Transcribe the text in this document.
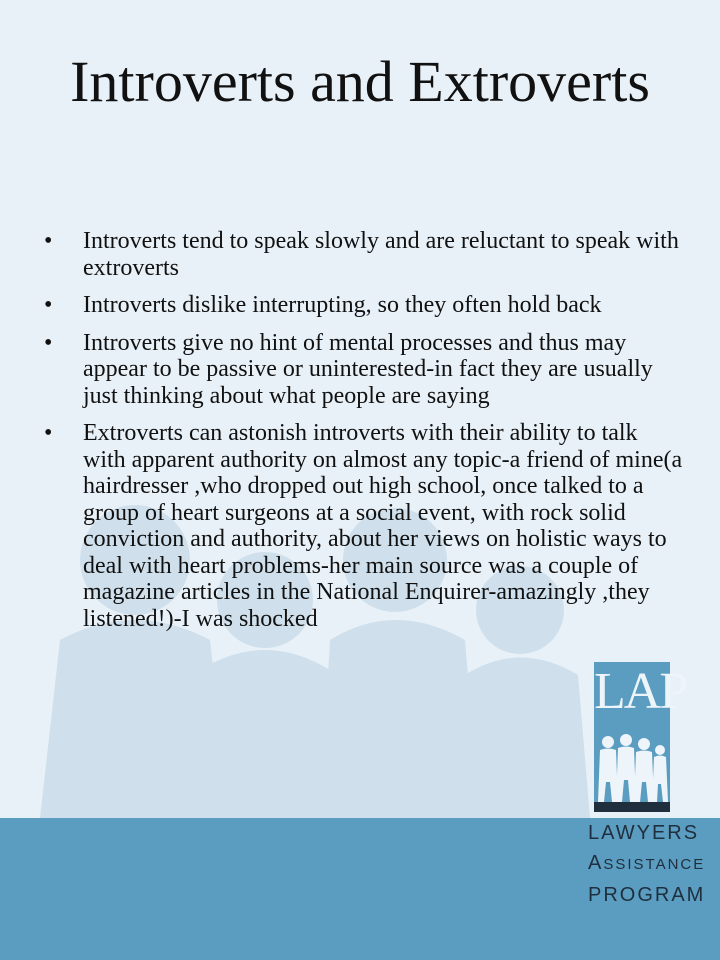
Introverts and Extroverts
• Introverts tend to speak slowly and are reluctant to speak with extroverts
• Introverts dislike interrupting, so they often hold back
• Introverts give no hint of mental processes and thus may appear to be passive or uninterested-in fact they are usually just thinking about what people are saying
• Extroverts can astonish introverts with their ability to talk with apparent authority on almost any topic-a friend of mine(a hairdresser ,who dropped out high school, once talked to a group of heart surgeons at a social event, with rock solid conviction and authority, about her views on holistic ways to deal with heart problems-her main source was a couple of magazine articles in the National Enquirer-amazingly ,they listened!)-I was shocked
LAP
LAWYERS
ASSISTANCE
PROGRAM
